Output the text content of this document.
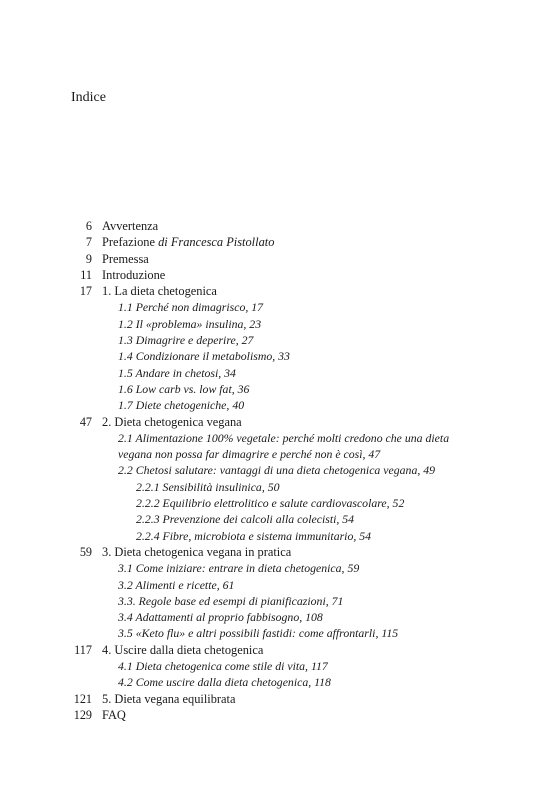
Indice
6 Avvertenza
7 Prefazione di Francesca Pistollato
9 Premessa
11 Introduzione
17 1. La dieta chetogenica
1.1 Perché non dimagrisco, 17
1.2 Il «problema» insulina, 23
1.3 Dimagrire e deperire, 27
1.4 Condizionare il metabolismo, 33
1.5 Andare in chetosi, 34
1.6 Low carb vs. low fat, 36
1.7 Diete chetogeniche, 40
47 2. Dieta chetogenica vegana
2.1 Alimentazione 100% vegetale: perché molti credono che una dieta
vegana non possa far dimagrire e perché non è così, 47
2.2 Chetosi salutare: vantaggi di una dieta chetogenica vegana, 49
2.2.1 Sensibilità insulinica, 50
2.2.2 Equilibrio elettrolitico e salute cardiovascolare, 52
2.2.3 Prevenzione dei calcoli alla colecisti, 54
2.2.4 Fibre, microbiota e sistema immunitario, 54
59 3. Dieta chetogenica vegana in pratica
3.1 Come iniziare: entrare in dieta chetogenica, 59
3.2 Alimenti e ricette, 61
3.3. Regole base ed esempi di pianificazioni, 71
3.4 Adattamenti al proprio fabbisogno, 108
3.5 «Keto flu» e altri possibili fastidi: come affrontarli, 115
117 4. Uscire dalla dieta chetogenica
4.1 Dieta chetogenica come stile di vita, 117
4.2 Come uscire dalla dieta chetogenica, 118
121 5. Dieta vegana equilibrata
129 FAQ
